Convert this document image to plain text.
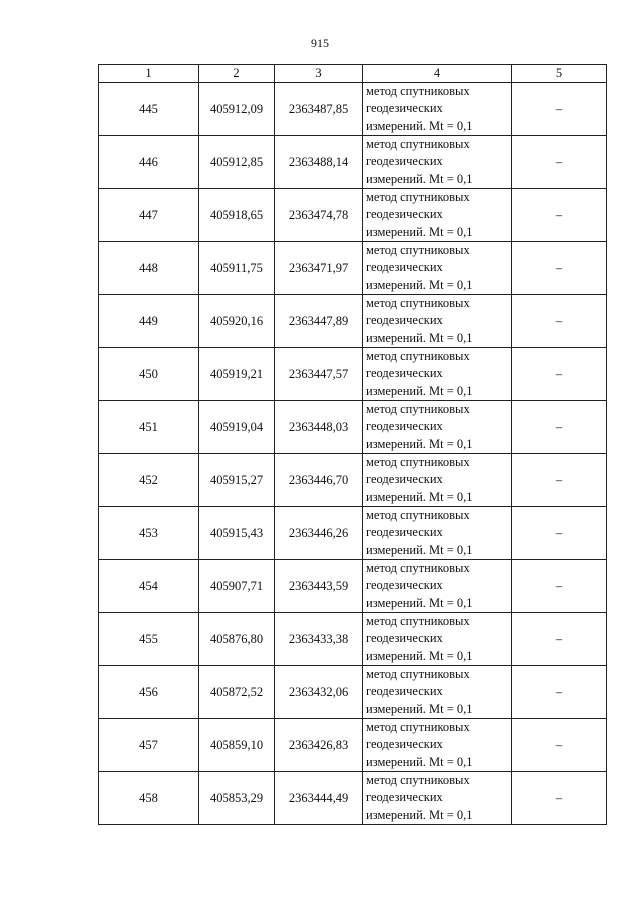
915
1	2	3	4	5
445	405912,09	2363487,85	метод спутниковых
геодезических
измерений. Mt = 0,1	–
446	405912,85	2363488,14	метод спутниковых
геодезических
измерений. Mt = 0,1	–
447	405918,65	2363474,78	метод спутниковых
геодезических
измерений. Mt = 0,1	–
448	405911,75	2363471,97	метод спутниковых
геодезических
измерений. Mt = 0,1	–
449	405920,16	2363447,89	метод спутниковых
геодезических
измерений. Mt = 0,1	–
450	405919,21	2363447,57	метод спутниковых
геодезических
измерений. Mt = 0,1	–
451	405919,04	2363448,03	метод спутниковых
геодезических
измерений. Mt = 0,1	–
452	405915,27	2363446,70	метод спутниковых
геодезических
измерений. Mt = 0,1	–
453	405915,43	2363446,26	метод спутниковых
геодезических
измерений. Mt = 0,1	–
454	405907,71	2363443,59	метод спутниковых
геодезических
измерений. Mt = 0,1	–
455	405876,80	2363433,38	метод спутниковых
геодезических
измерений. Mt = 0,1	–
456	405872,52	2363432,06	метод спутниковых
геодезических
измерений. Mt = 0,1	–
457	405859,10	2363426,83	метод спутниковых
геодезических
измерений. Mt = 0,1	–
458	405853,29	2363444,49	метод спутниковых
геодезических
измерений. Mt = 0,1	–
